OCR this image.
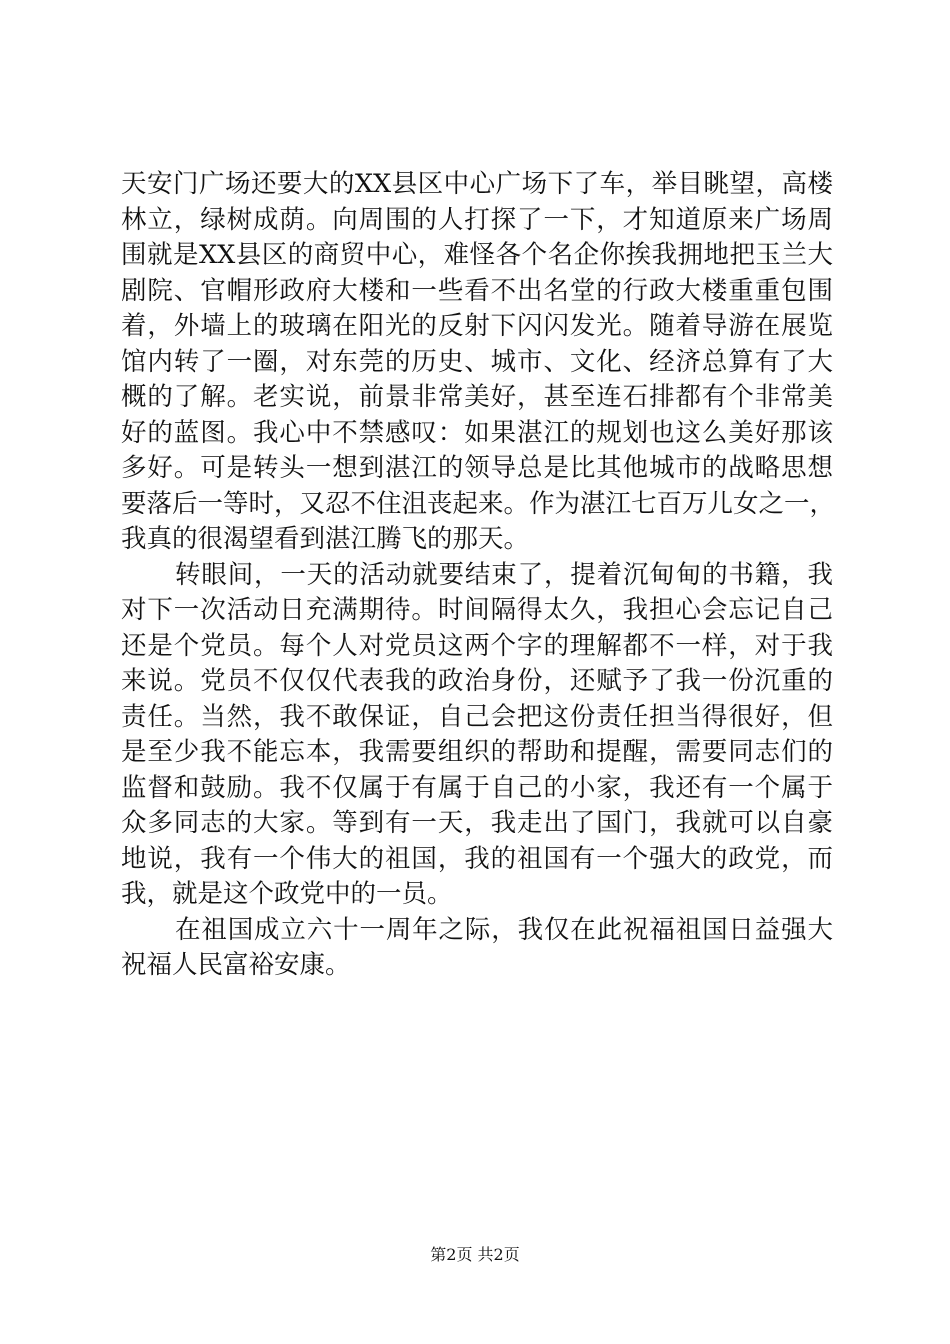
天安门广场还要大的XX县区中心广场下了车，举目眺望，高楼
林立，绿树成荫。向周围的人打探了一下，才知道原来广场周
围就是XX县区的商贸中心，难怪各个名企你挨我拥地把玉兰大
剧院、官帽形政府大楼和一些看不出名堂的行政大楼重重包围
着，外墙上的玻璃在阳光的反射下闪闪发光。随着导游在展览
馆内转了一圈，对东莞的历史、城市、文化、经济总算有了大
概的了解。老实说，前景非常美好，甚至连石排都有个非常美
好的蓝图。我心中不禁感叹：如果湛江的规划也这么美好那该
多好。可是转头一想到湛江的领导总是比其他城市的战略思想
要落后一等时，又忍不住沮丧起来。作为湛江七百万儿女之一，
我真的很渴望看到湛江腾飞的那天。
转眼间，一天的活动就要结束了，提着沉甸甸的书籍，我
对下一次活动日充满期待。时间隔得太久，我担心会忘记自己
还是个党员。每个人对党员这两个字的理解都不一样，对于我
来说。党员不仅仅代表我的政治身份，还赋予了我一份沉重的
责任。当然，我不敢保证，自己会把这份责任担当得很好，但
是至少我不能忘本，我需要组织的帮助和提醒，需要同志们的
监督和鼓励。我不仅属于有属于自己的小家，我还有一个属于
众多同志的大家。等到有一天，我走出了国门，我就可以自豪
地说，我有一个伟大的祖国，我的祖国有一个强大的政党，而
我，就是这个政党中的一员。
在祖国成立六十一周年之际，我仅在此祝福祖国日益强大
祝福人民富裕安康。
第2页 共2页
